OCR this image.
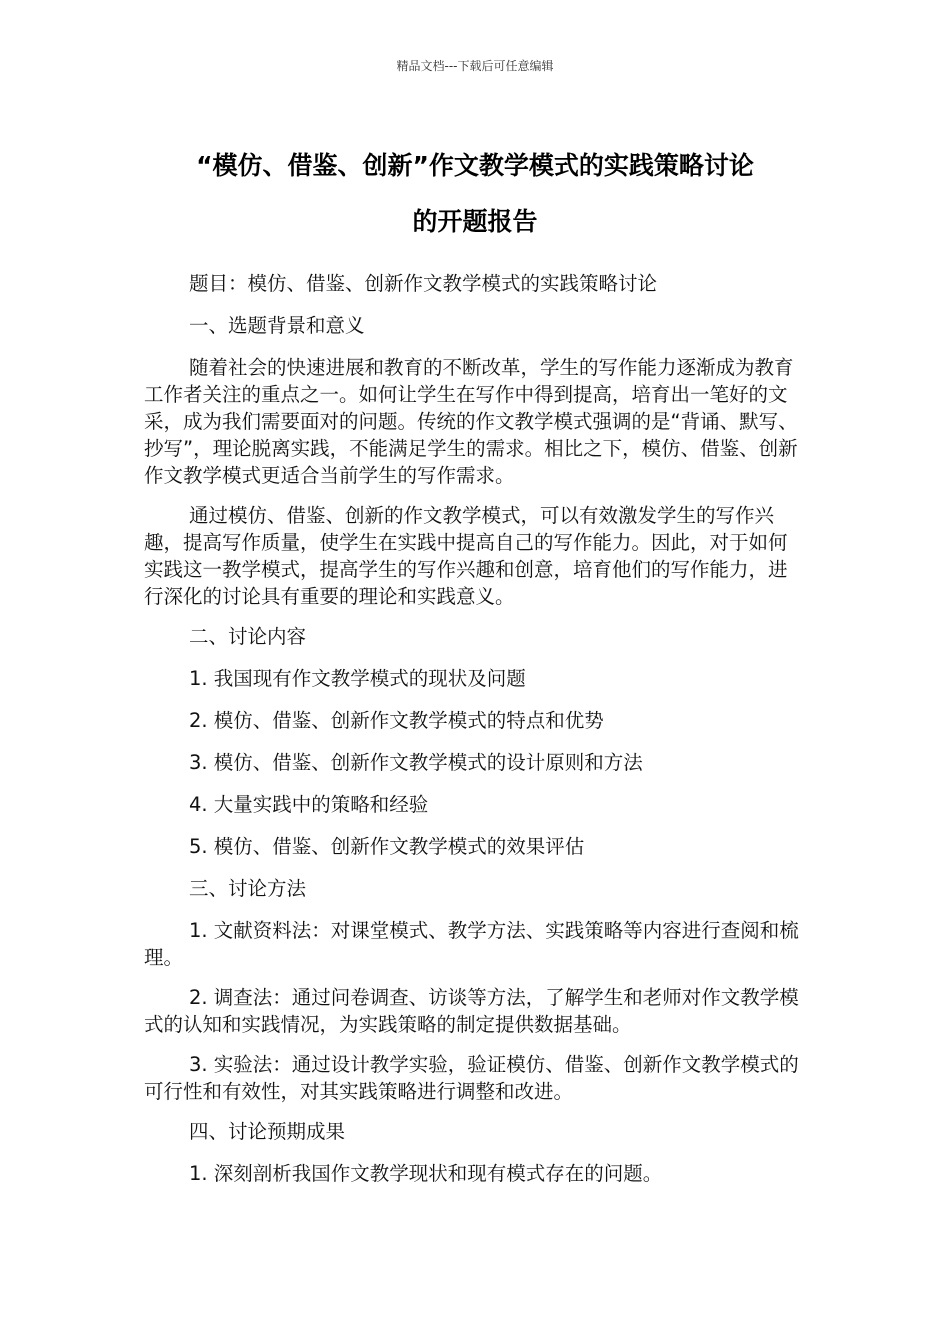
精品文档---下载后可任意编辑
“模仿、借鉴、创新”作文教学模式的实践策略讨论
的开题报告

题目：模仿、借鉴、创新作文教学模式的实践策略讨论

一、选题背景和意义

随着社会的快速进展和教育的不断改革，学生的写作能力逐渐成为教育工作者关注的重点之一。如何让学生在写作中得到提高，培育出一笔好的文采，成为我们需要面对的问题。传统的作文教学模式强调的是“背诵、默写、抄写”，理论脱离实践，不能满足学生的需求。相比之下，模仿、借鉴、创新作文教学模式更适合当前学生的写作需求。

通过模仿、借鉴、创新的作文教学模式，可以有效激发学生的写作兴趣，提高写作质量，使学生在实践中提高自己的写作能力。因此，对于如何实践这一教学模式，提高学生的写作兴趣和创意，培育他们的写作能力，进行深化的讨论具有重要的理论和实践意义。

二、讨论内容

1. 我国现有作文教学模式的现状及问题

2. 模仿、借鉴、创新作文教学模式的特点和优势

3. 模仿、借鉴、创新作文教学模式的设计原则和方法

4. 大量实践中的策略和经验

5. 模仿、借鉴、创新作文教学模式的效果评估

三、讨论方法

1. 文献资料法：对课堂模式、教学方法、实践策略等内容进行查阅和梳理。

2. 调查法：通过问卷调查、访谈等方法，了解学生和老师对作文教学模式的认知和实践情况，为实践策略的制定提供数据基础。

3. 实验法：通过设计教学实验，验证模仿、借鉴、创新作文教学模式的可行性和有效性，对其实践策略进行调整和改进。

四、讨论预期成果

1. 深刻剖析我国作文教学现状和现有模式存在的问题。
